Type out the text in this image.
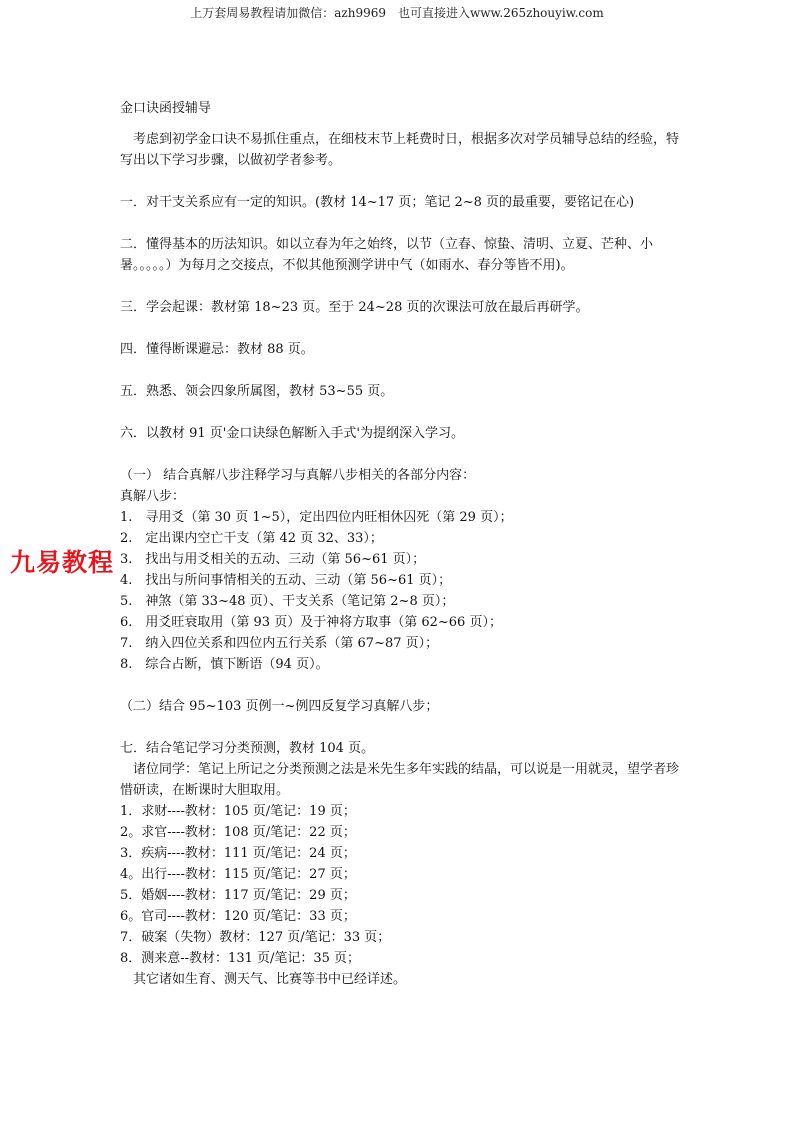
上万套周易教程请加微信：azh9969　也可直接进入www.265zhouyiw.com

金口诀函授辅导

　考虑到初学金口诀不易抓住重点，在细枝末节上耗费时日，根据多次对学员辅导总结的经验，特写出以下学习步骤，以做初学者参考。

一．对干支关系应有一定的知识。(教材 14~17 页；笔记 2~8 页的最重要，要铭记在心)

二．懂得基本的历法知识。如以立春为年之始终，以节（立春、惊蛰、清明、立夏、芒种、小暑。。。。。）为每月之交接点，不似其他预测学讲中气（如雨水、春分等皆不用)。

三．学会起课：教材第 18~23 页。至于 24~28 页的次课法可放在最后再研学。

四．懂得断课避忌：教材 88 页。

五．熟悉、领会四象所属图，教材 53~55 页。

六．以教材 91 页'金口诀绿色解断入手式'为提纲深入学习。

（一） 结合真解八步注释学习与真解八步相关的各部分内容：

真解八步：

1.　寻用爻（第 30 页 1~5），定出四位内旺相休囚死（第 29 页）；
2.　定出课内空亡干支（第 42 页 32、33）；
3.　找出与用爻相关的五动、三动（第 56~61 页）；
4.　找出与所问事情相关的五动、三动（第 56~61 页）；
5.　神煞（第 33~48 页）、干支关系（笔记第 2~8 页）；
6.　用爻旺衰取用（第 93 页）及于神将方取事（第 62~66 页）；
7.　纳入四位关系和四位内五行关系（第 67~87 页）；
8.　综合占断，慎下断语（94 页）。

（二）结合 95~103 页例一~例四反复学习真解八步；

七．结合笔记学习分类预测，教材 104 页。

　诸位同学：笔记上所记之分类预测之法是米先生多年实践的结晶，可以说是一用就灵，望学者珍惜研读，在断课时大胆取用。

1．求财----教材：105 页/笔记：19 页；
2。求官----教材：108 页/笔记：22 页；
3．疾病----教材：111 页/笔记：24 页；
4。出行----教材：115 页/笔记：27 页；
5．婚姻----教材：117 页/笔记：29 页；
6。官司----教材：120 页/笔记：33 页；
7．破案（失物）教材：127 页/笔记：33 页；
8．测来意--教材：131 页/笔记：35 页；

　其它诸如生育、测天气、比赛等书中已经详述。

九易教程
